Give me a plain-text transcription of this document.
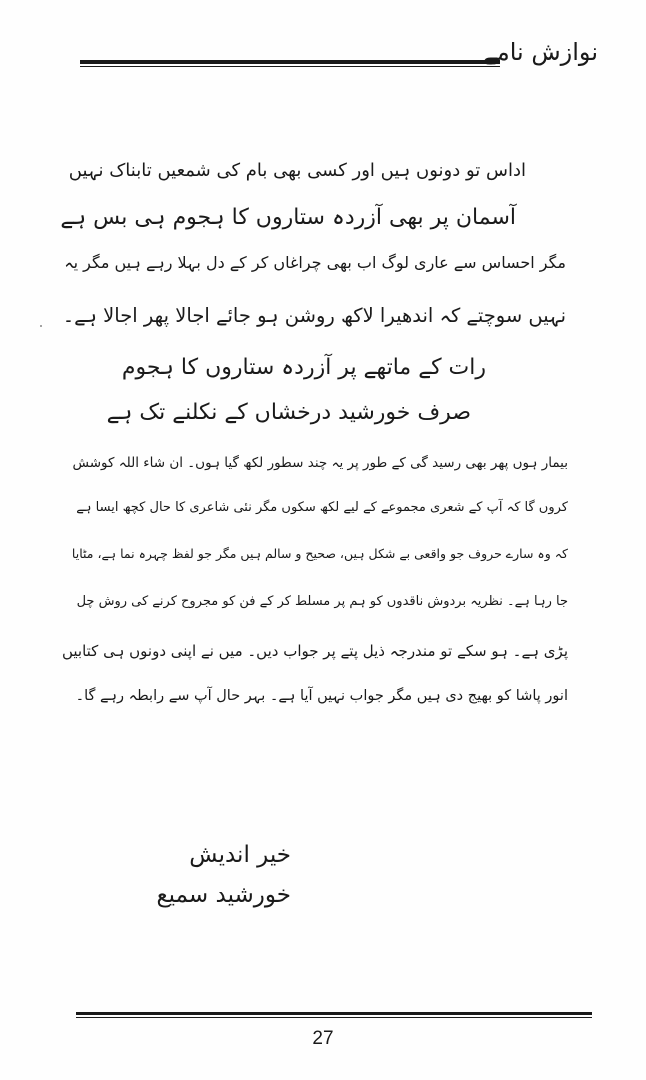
نوازش نامے
اداس تو دونوں ہیں اور کسی بھی بام کی شمعیں تابناک نہیں
آسمان پر بھی آزردہ ستاروں کا ہجوم ہی بس ہے
مگر احساس سے عاری لوگ اب بھی چراغاں کر کے دل بہلا رہے ہیں مگر یہ
نہیں سوچتے کہ اندھیرا لاکھ روشن ہو جائے اجالا پھر اجالا ہے۔
رات کے ماتھے پر آزردہ ستاروں کا ہجوم
صرف خورشید درخشاں کے نکلنے تک ہے
بیمار ہوں پھر بھی رسید گی کے طور پر یہ چند سطور لکھ گیا ہوں۔ ان شاء اللہ کوشش
کروں گا کہ آپ کے شعری مجموعے کے لیے لکھ سکوں مگر نئی شاعری کا حال کچھ ایسا ہے
کہ وہ سارے حروف جو واقعی بے شکل ہیں، صحیح و سالم ہیں مگر جو لفظ چہرہ نما ہے، مٹایا
جا رہا ہے۔ نظریہ بردوش ناقدوں کو ہم پر مسلط کر کے فن کو مجروح کرنے کی روش چل
پڑی ہے۔ ہو سکے تو مندرجہ ذیل پتے پر جواب دیں۔ میں نے اپنی دونوں ہی کتابیں
انور پاشا کو بھیج دی ہیں مگر جواب نہیں آیا ہے۔ بہر حال آپ سے رابطہ رہے گا۔
خیر اندیش
خورشید سمیع
27
